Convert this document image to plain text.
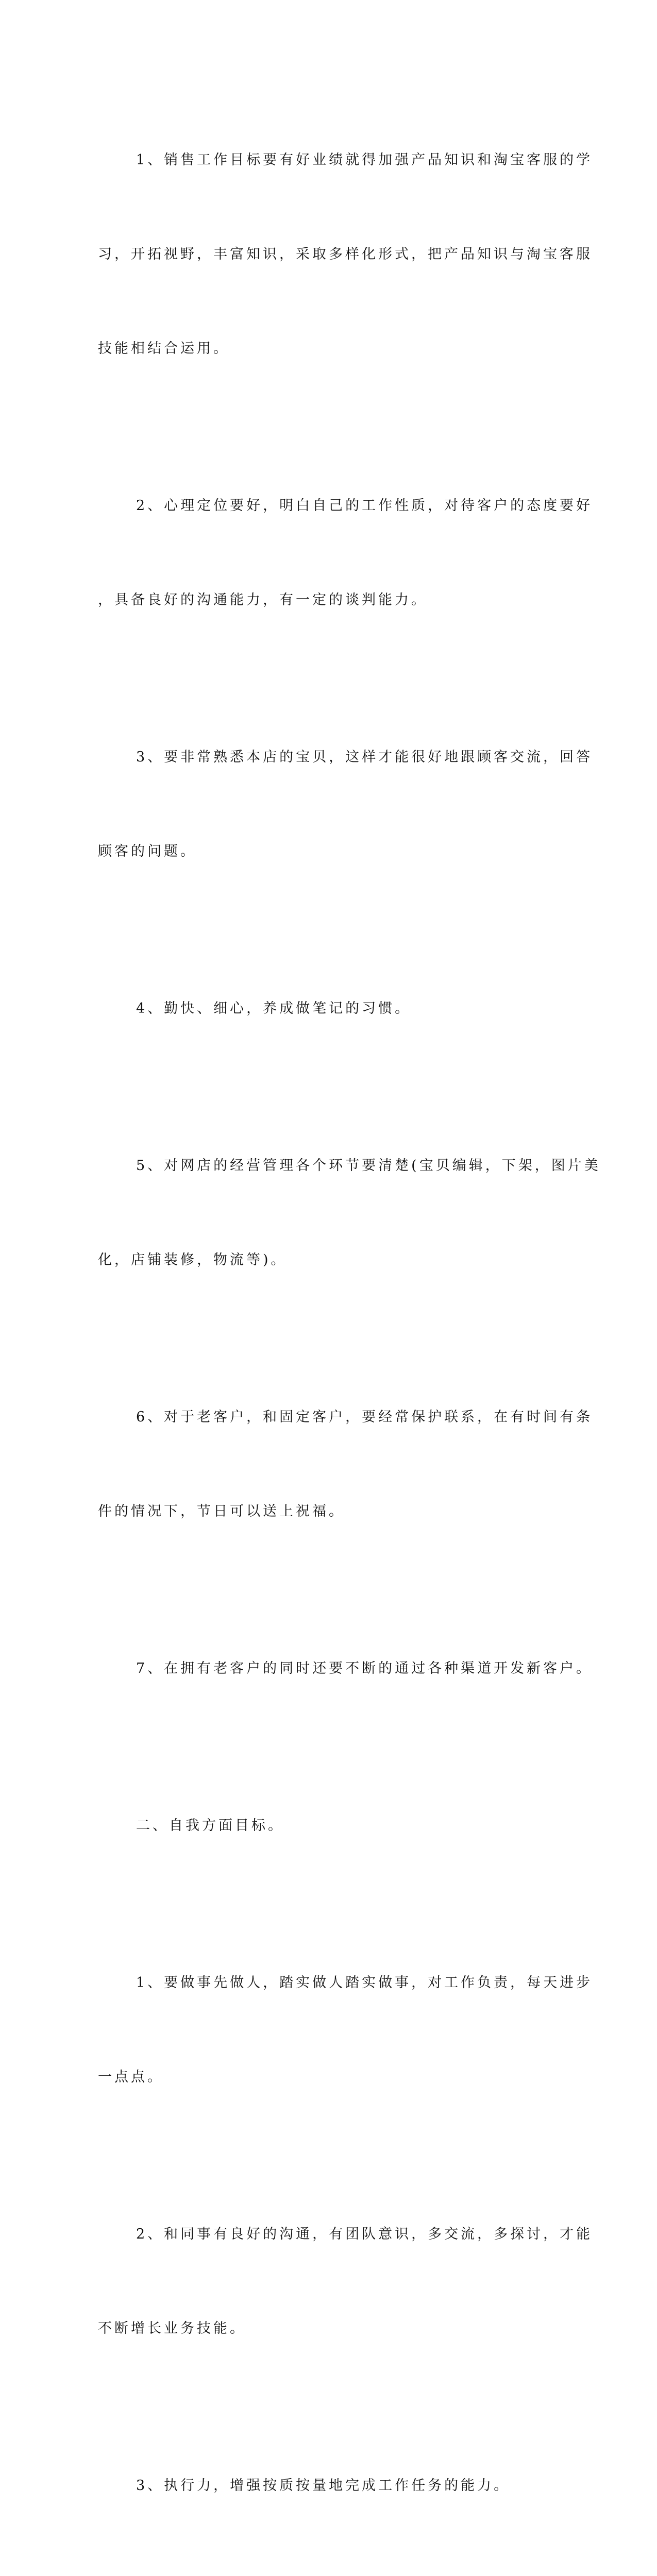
1、销售工作目标要有好业绩就得加强产品知识和淘宝客服的学

习，开拓视野，丰富知识，采取多样化形式，把产品知识与淘宝客服

技能相结合运用。

2、心理定位要好，明白自己的工作性质，对待客户的态度要好

，具备良好的沟通能力，有一定的谈判能力。

3、要非常熟悉本店的宝贝，这样才能很好地跟顾客交流，回答

顾客的问题。

4、勤快、细心，养成做笔记的习惯。

5、对网店的经营管理各个环节要清楚(宝贝编辑，下架，图片美

化，店铺装修，物流等)。

6、对于老客户，和固定客户，要经常保护联系，在有时间有条

件的情况下，节日可以送上祝福。

7、在拥有老客户的同时还要不断的通过各种渠道开发新客户。

二、自我方面目标。

1、要做事先做人，踏实做人踏实做事，对工作负责，每天进步

一点点。

2、和同事有良好的沟通，有团队意识，多交流，多探讨，才能

不断增长业务技能。

3、执行力，增强按质按量地完成工作任务的能力。
